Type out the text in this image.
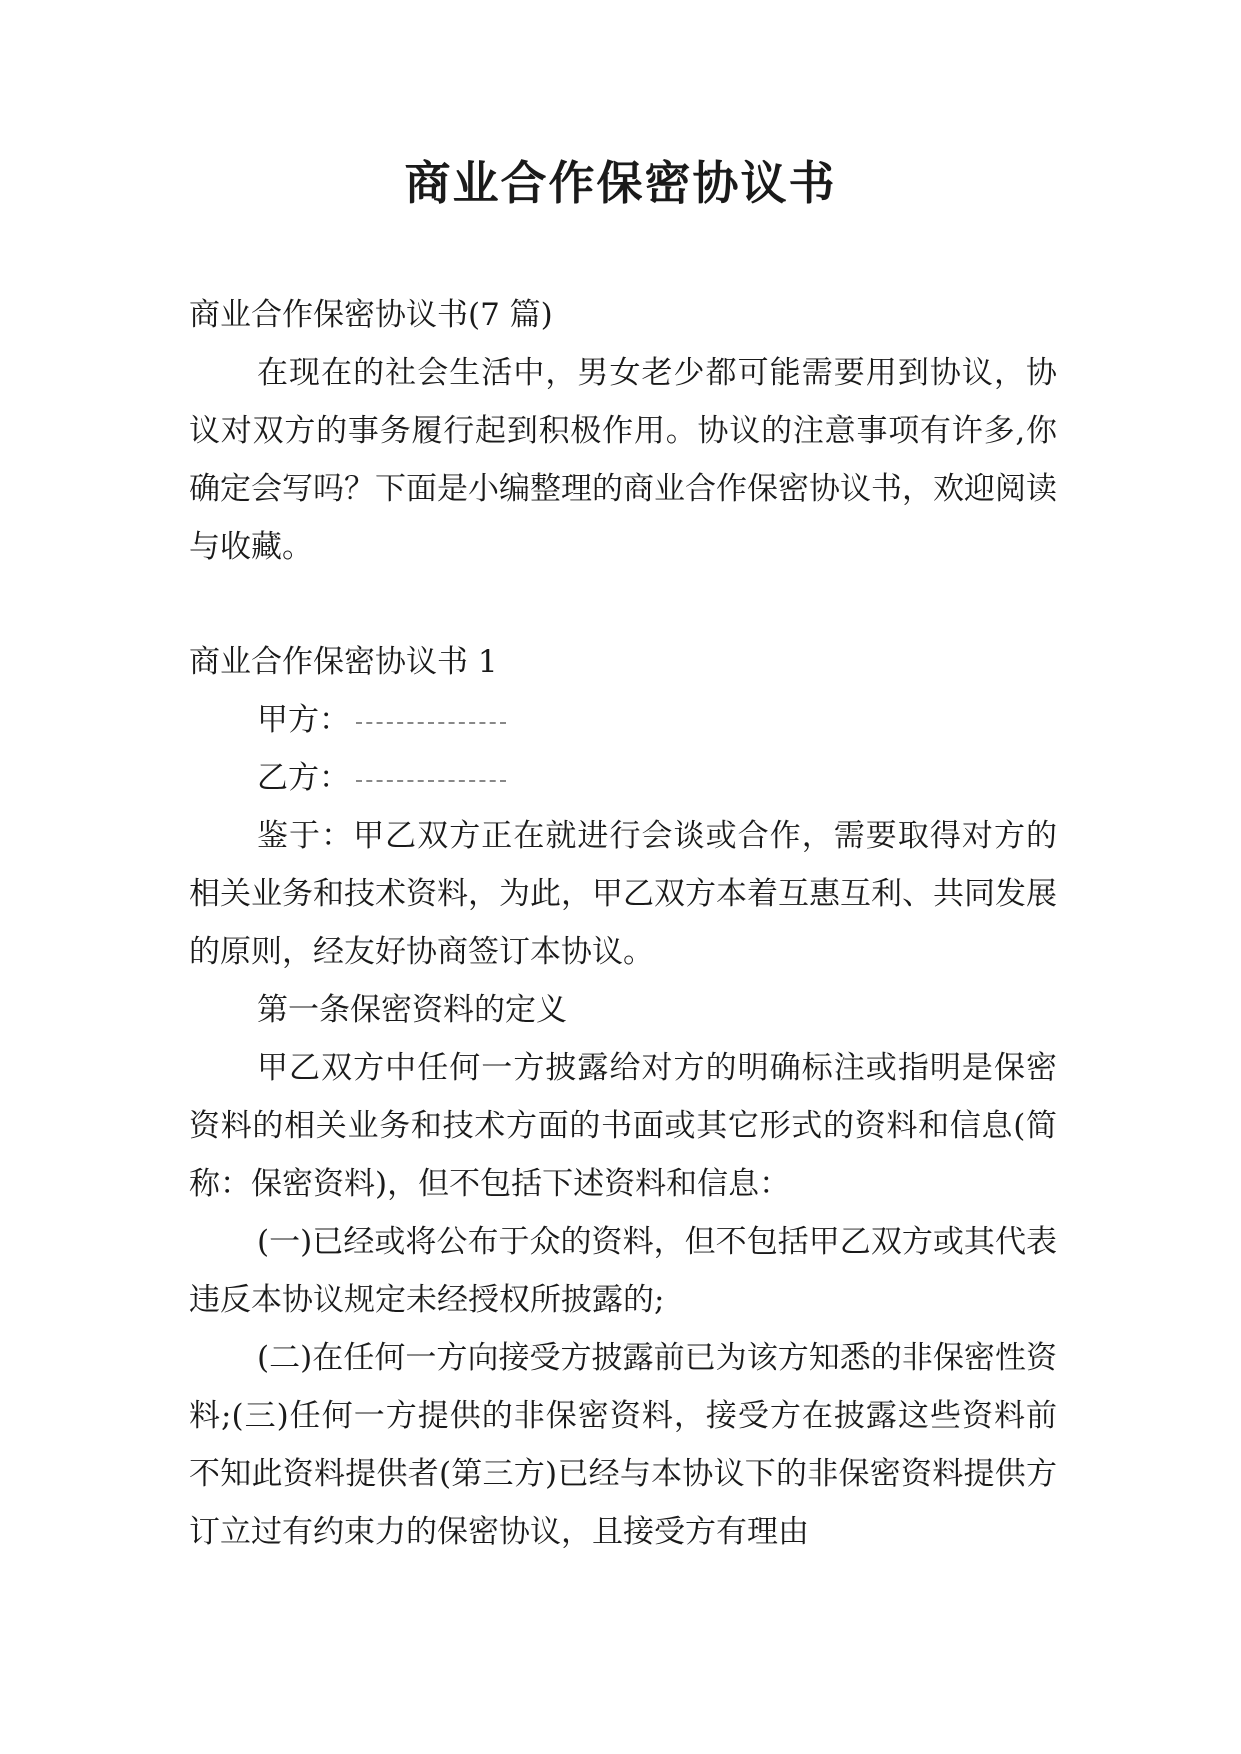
商业合作保密协议书

商业合作保密协议书(7 篇)

在现在的社会生活中，男女老少都可能需要用到协议，协议对双方的事务履行起到积极作用。协议的注意事项有许多,你确定会写吗？下面是小编整理的商业合作保密协议书，欢迎阅读与收藏。

商业合作保密协议书 1

甲方：

乙方：

鉴于：甲乙双方正在就进行会谈或合作，需要取得对方的相关业务和技术资料，为此，甲乙双方本着互惠互利、共同发展的原则，经友好协商签订本协议。

第一条保密资料的定义

甲乙双方中任何一方披露给对方的明确标注或指明是保密资料的相关业务和技术方面的书面或其它形式的资料和信息(简称：保密资料)，但不包括下述资料和信息：

(一)已经或将公布于众的资料，但不包括甲乙双方或其代表违反本协议规定未经授权所披露的;

(二)在任何一方向接受方披露前已为该方知悉的非保密性资料;(三)任何一方提供的非保密资料，接受方在披露这些资料前不知此资料提供者(第三方)已经与本协议下的非保密资料提供方订立过有约束力的保密协议，且接受方有理由
